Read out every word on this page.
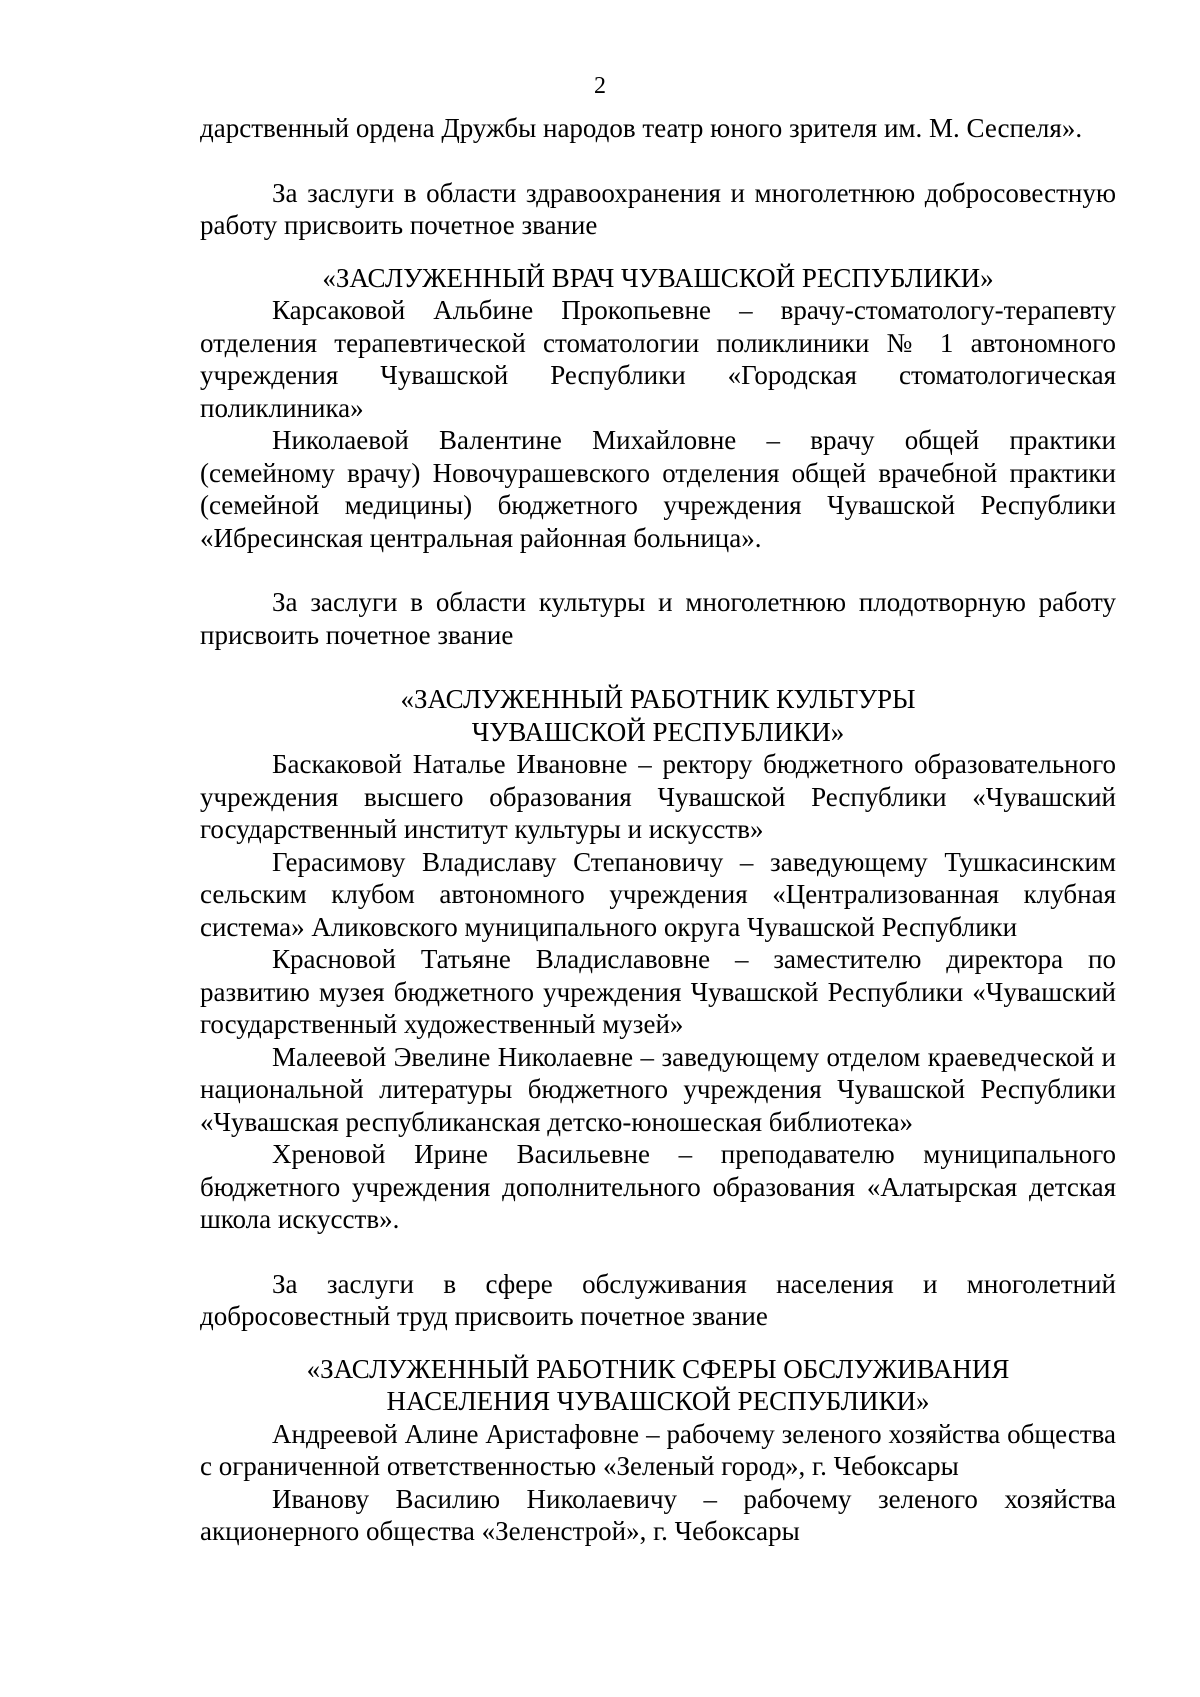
2

дарственный ордена Дружбы народов театр юного зрителя им. М. Сеспеля».

За заслуги в области здравоохранения и многолетнюю добросовестную работу присвоить почетное звание

«ЗАСЛУЖЕННЫЙ ВРАЧ ЧУВАШСКОЙ РЕСПУБЛИКИ»

Карсаковой Альбине Прокопьевне – врачу-стоматологу-терапевту отделения терапевтической стоматологии поликлиники № 1 автономного учреждения Чувашской Республики «Городская стоматологическая поликлиника»

Николаевой Валентине Михайловне – врачу общей практики (семейному врачу) Новочурашевского отделения общей врачебной практики (семейной медицины) бюджетного учреждения Чувашской Республики «Ибресинская центральная районная больница».

За заслуги в области культуры и многолетнюю плодотворную работу присвоить почетное звание

«ЗАСЛУЖЕННЫЙ РАБОТНИК КУЛЬТУРЫ

ЧУВАШСКОЙ РЕСПУБЛИКИ»

Баскаковой Наталье Ивановне – ректору бюджетного образовательного учреждения высшего образования Чувашской Республики «Чувашский государственный институт культуры и искусств»

Герасимову Владиславу Степановичу – заведующему Тушкасинским сельским клубом автономного учреждения «Централизованная клубная система» Аликовского муниципального округа Чувашской Республики

Красновой Татьяне Владиславовне – заместителю директора по развитию музея бюджетного учреждения Чувашской Республики «Чувашский государственный художественный музей»

Малеевой Эвелине Николаевне – заведующему отделом краеведческой и национальной литературы бюджетного учреждения Чувашской Республики «Чувашская республиканская детско-юношеская библиотека»

Хреновой Ирине Васильевне – преподавателю муниципального бюджетного учреждения дополнительного образования «Алатырская детская школа искусств».

За заслуги в сфере обслуживания населения и многолетний добросовестный труд присвоить почетное звание

«ЗАСЛУЖЕННЫЙ РАБОТНИК СФЕРЫ ОБСЛУЖИВАНИЯ

НАСЕЛЕНИЯ ЧУВАШСКОЙ РЕСПУБЛИКИ»

Андреевой Алине Аристафовне – рабочему зеленого хозяйства общества с ограниченной ответственностью «Зеленый город», г. Чебоксары

Иванову Василию Николаевичу – рабочему зеленого хозяйства акционерного общества «Зеленстрой», г. Чебоксары
